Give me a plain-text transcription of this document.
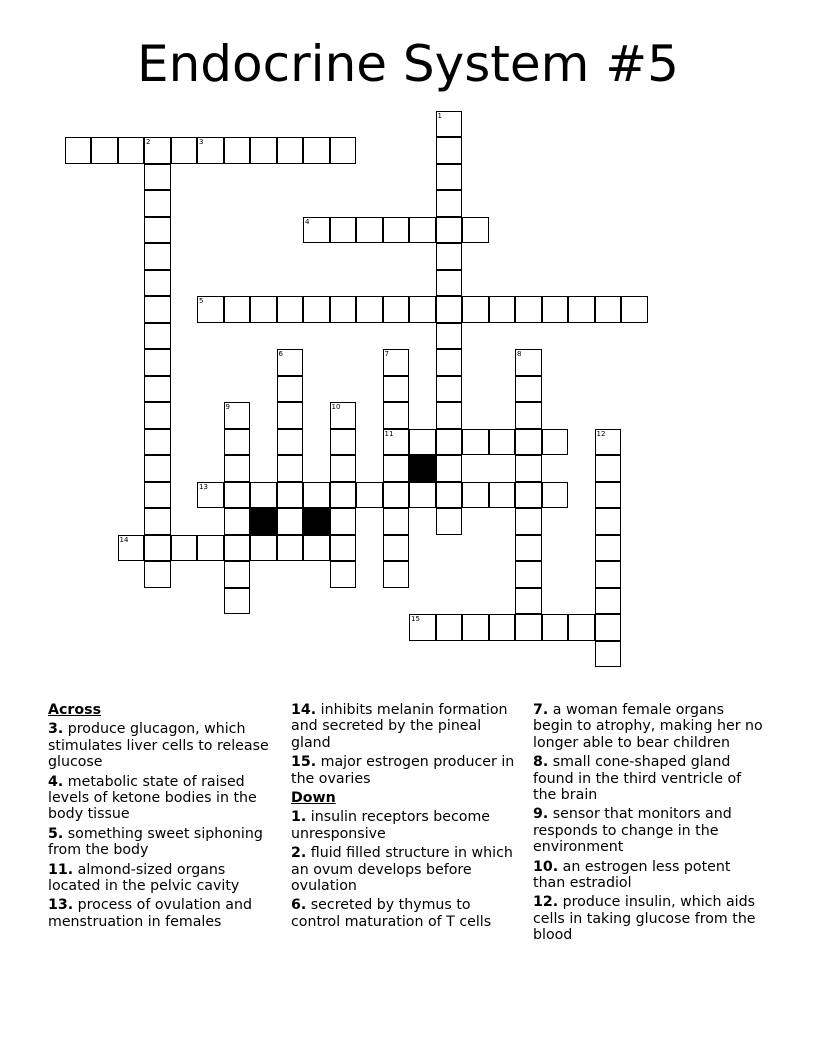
Endocrine System #5
1
2	3
4
5
6	7	8
9	10
11	12
13
14
15
Across
3. produce glucagon, which stimulates liver cells to release glucose
4. metabolic state of raised levels of ketone bodies in the body tissue
5. something sweet siphoning from the body
11. almond-sized organs located in the pelvic cavity
13. process of ovulation and menstruation in females
14. inhibits melanin formation and secreted by the pineal gland
15. major estrogen producer in the ovaries
Down
1. insulin receptors become unresponsive
2. fluid filled structure in which an ovum develops before ovulation
6. secreted by thymus to control maturation of T cells
7. a woman female organs begin to atrophy, making her no longer able to bear children
8. small cone-shaped gland found in the third ventricle of the brain
9. sensor that monitors and responds to change in the environment
10. an estrogen less potent than estradiol
12. produce insulin, which aids cells in taking glucose from the blood
